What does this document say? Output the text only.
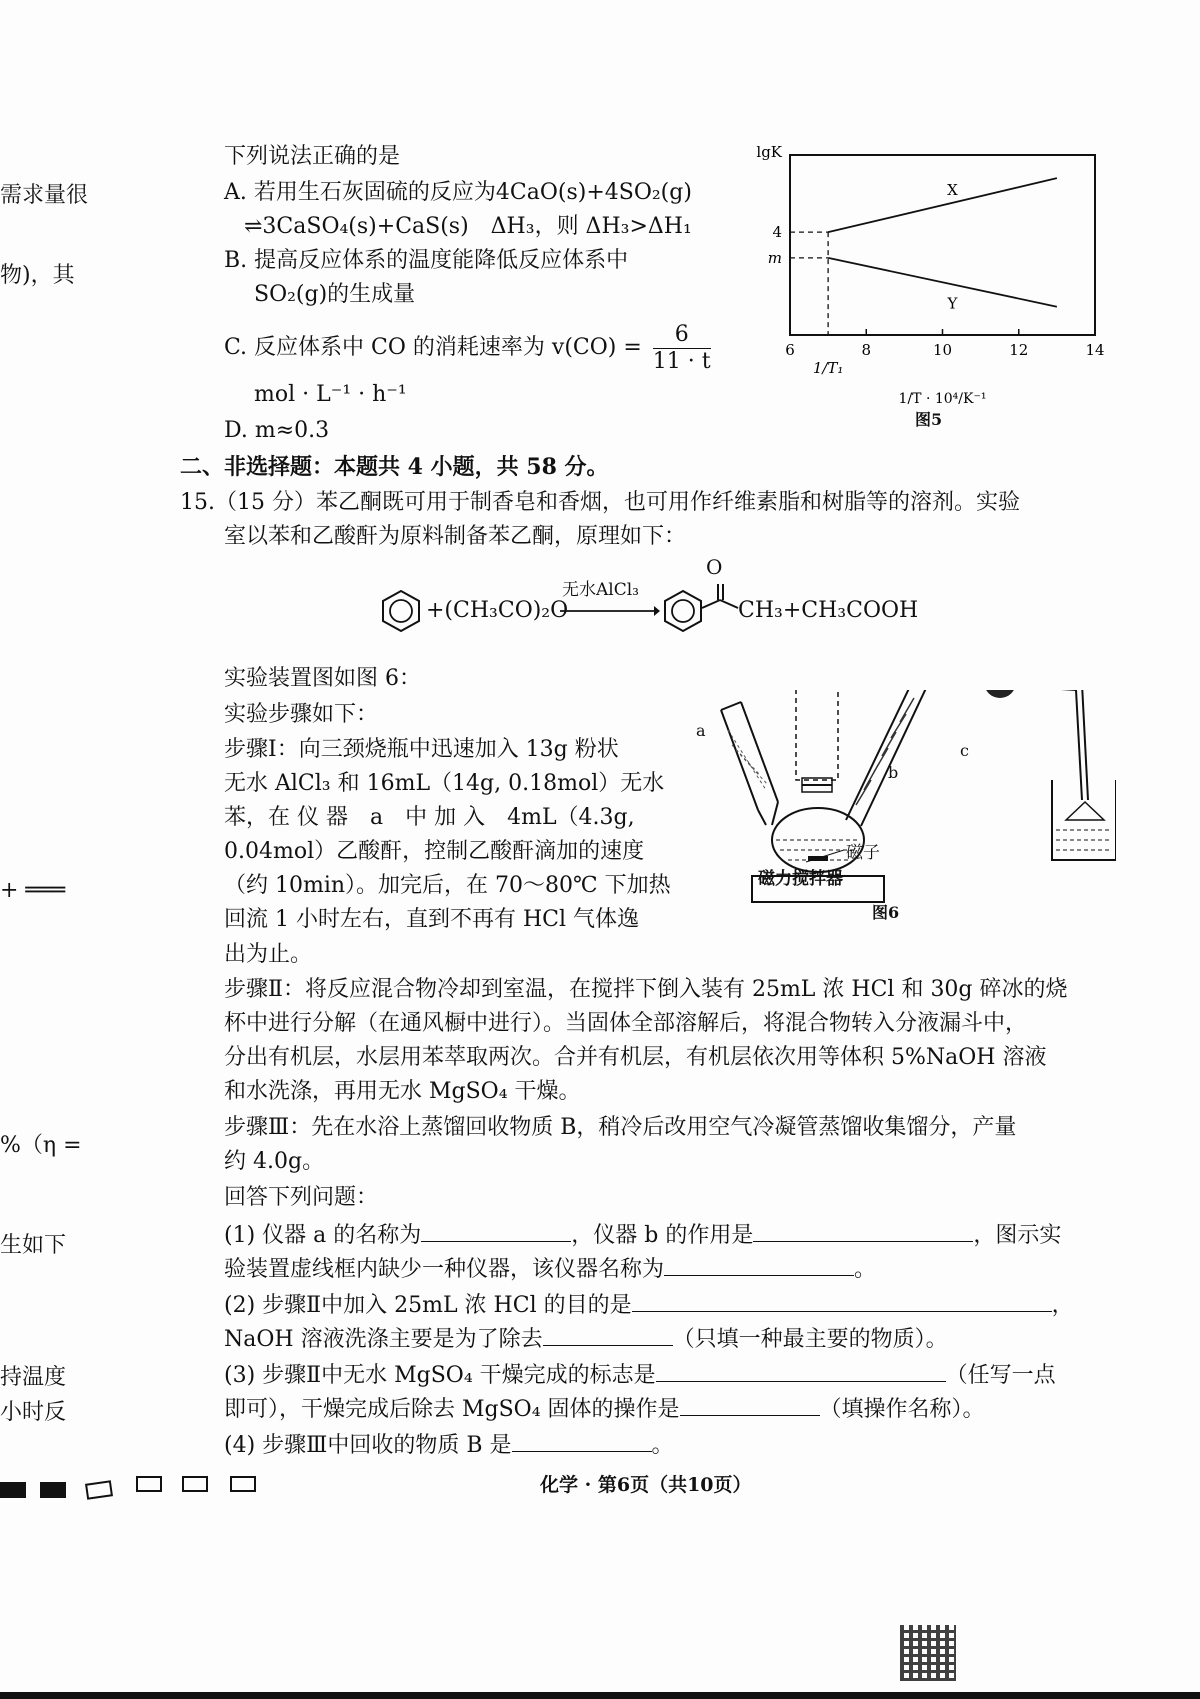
需求量很
物)，其
+ ═══
%（η =
生如下
持温度
小时反
下列说法正确的是
A. 若用生石灰固硫的反应为4CaO(s)+4SO₂(g)
⇌3CaSO₄(s)+CaS(s)　ΔH₃，则 ΔH₃>ΔH₁
B. 提高反应体系的温度能降低反应体系中
SO₂(g)的生成量
C. 反应体系中 CO 的消耗速率为 $v(CO) = \frac{6}{11 \cdot t}$
mol · L⁻¹ · h⁻¹
D. m≈0.3
lgK
6	8	10	12	14
1/T₁
4
X
m
Y
1/T · 10⁴/K⁻¹
图5
二、非选择题：本题共 4 小题，共 58 分。
15.（15 分）苯乙酮既可用于制香皂和香烟，也可用作纤维素脂和树脂等的溶剂。实验
室以苯和乙酸酐为原料制备苯乙酮，原理如下：
+(CH₃CO)₂O
无水AlCl₃
O
CH₃+CH₃COOH
实验装置图如图 6：
实验步骤如下：
步骤Ⅰ：向三颈烧瓶中迅速加入 13g 粉状
无水 AlCl₃ 和 16mL（14g, 0.18mol）无水
苯，在 仪 器　a　中 加 入　4mL（4.3g,
0.04mol）乙酸酐，控制乙酸酐滴加的速度
（约 10min）。加完后，在 70～80℃ 下加热
回流 1 小时左右，直到不再有 HCl 气体逸
出为止。
a
b
c
磁子
磁力搅拌器
图6
步骤Ⅱ：将反应混合物冷却到室温，在搅拌下倒入装有 25mL 浓 HCl 和 30g 碎冰的烧
杯中进行分解（在通风橱中进行）。当固体全部溶解后，将混合物转入分液漏斗中，
分出有机层，水层用苯萃取两次。合并有机层，有机层依次用等体积 5%NaOH 溶液
和水洗涤，再用无水 MgSO₄ 干燥。
步骤Ⅲ：先在水浴上蒸馏回收物质 B，稍冷后改用空气冷凝管蒸馏收集馏分，产量
约 4.0g。
回答下列问题：
(1) 仪器 a 的名称为	，仪器 b 的作用是	，图示实
验装置虚线框内缺少一种仪器，该仪器名称为	。
(2) 步骤Ⅱ中加入 25mL 浓 HCl 的目的是	，
NaOH 溶液洗涤主要是为了除去	（只填一种最主要的物质）。
(3) 步骤Ⅱ中无水 MgSO₄ 干燥完成的标志是	（任写一点
即可），干燥完成后除去 MgSO₄ 固体的操作是	（填操作名称）。
(4) 步骤Ⅲ中回收的物质 B 是	。
化学 · 第6页（共10页）
